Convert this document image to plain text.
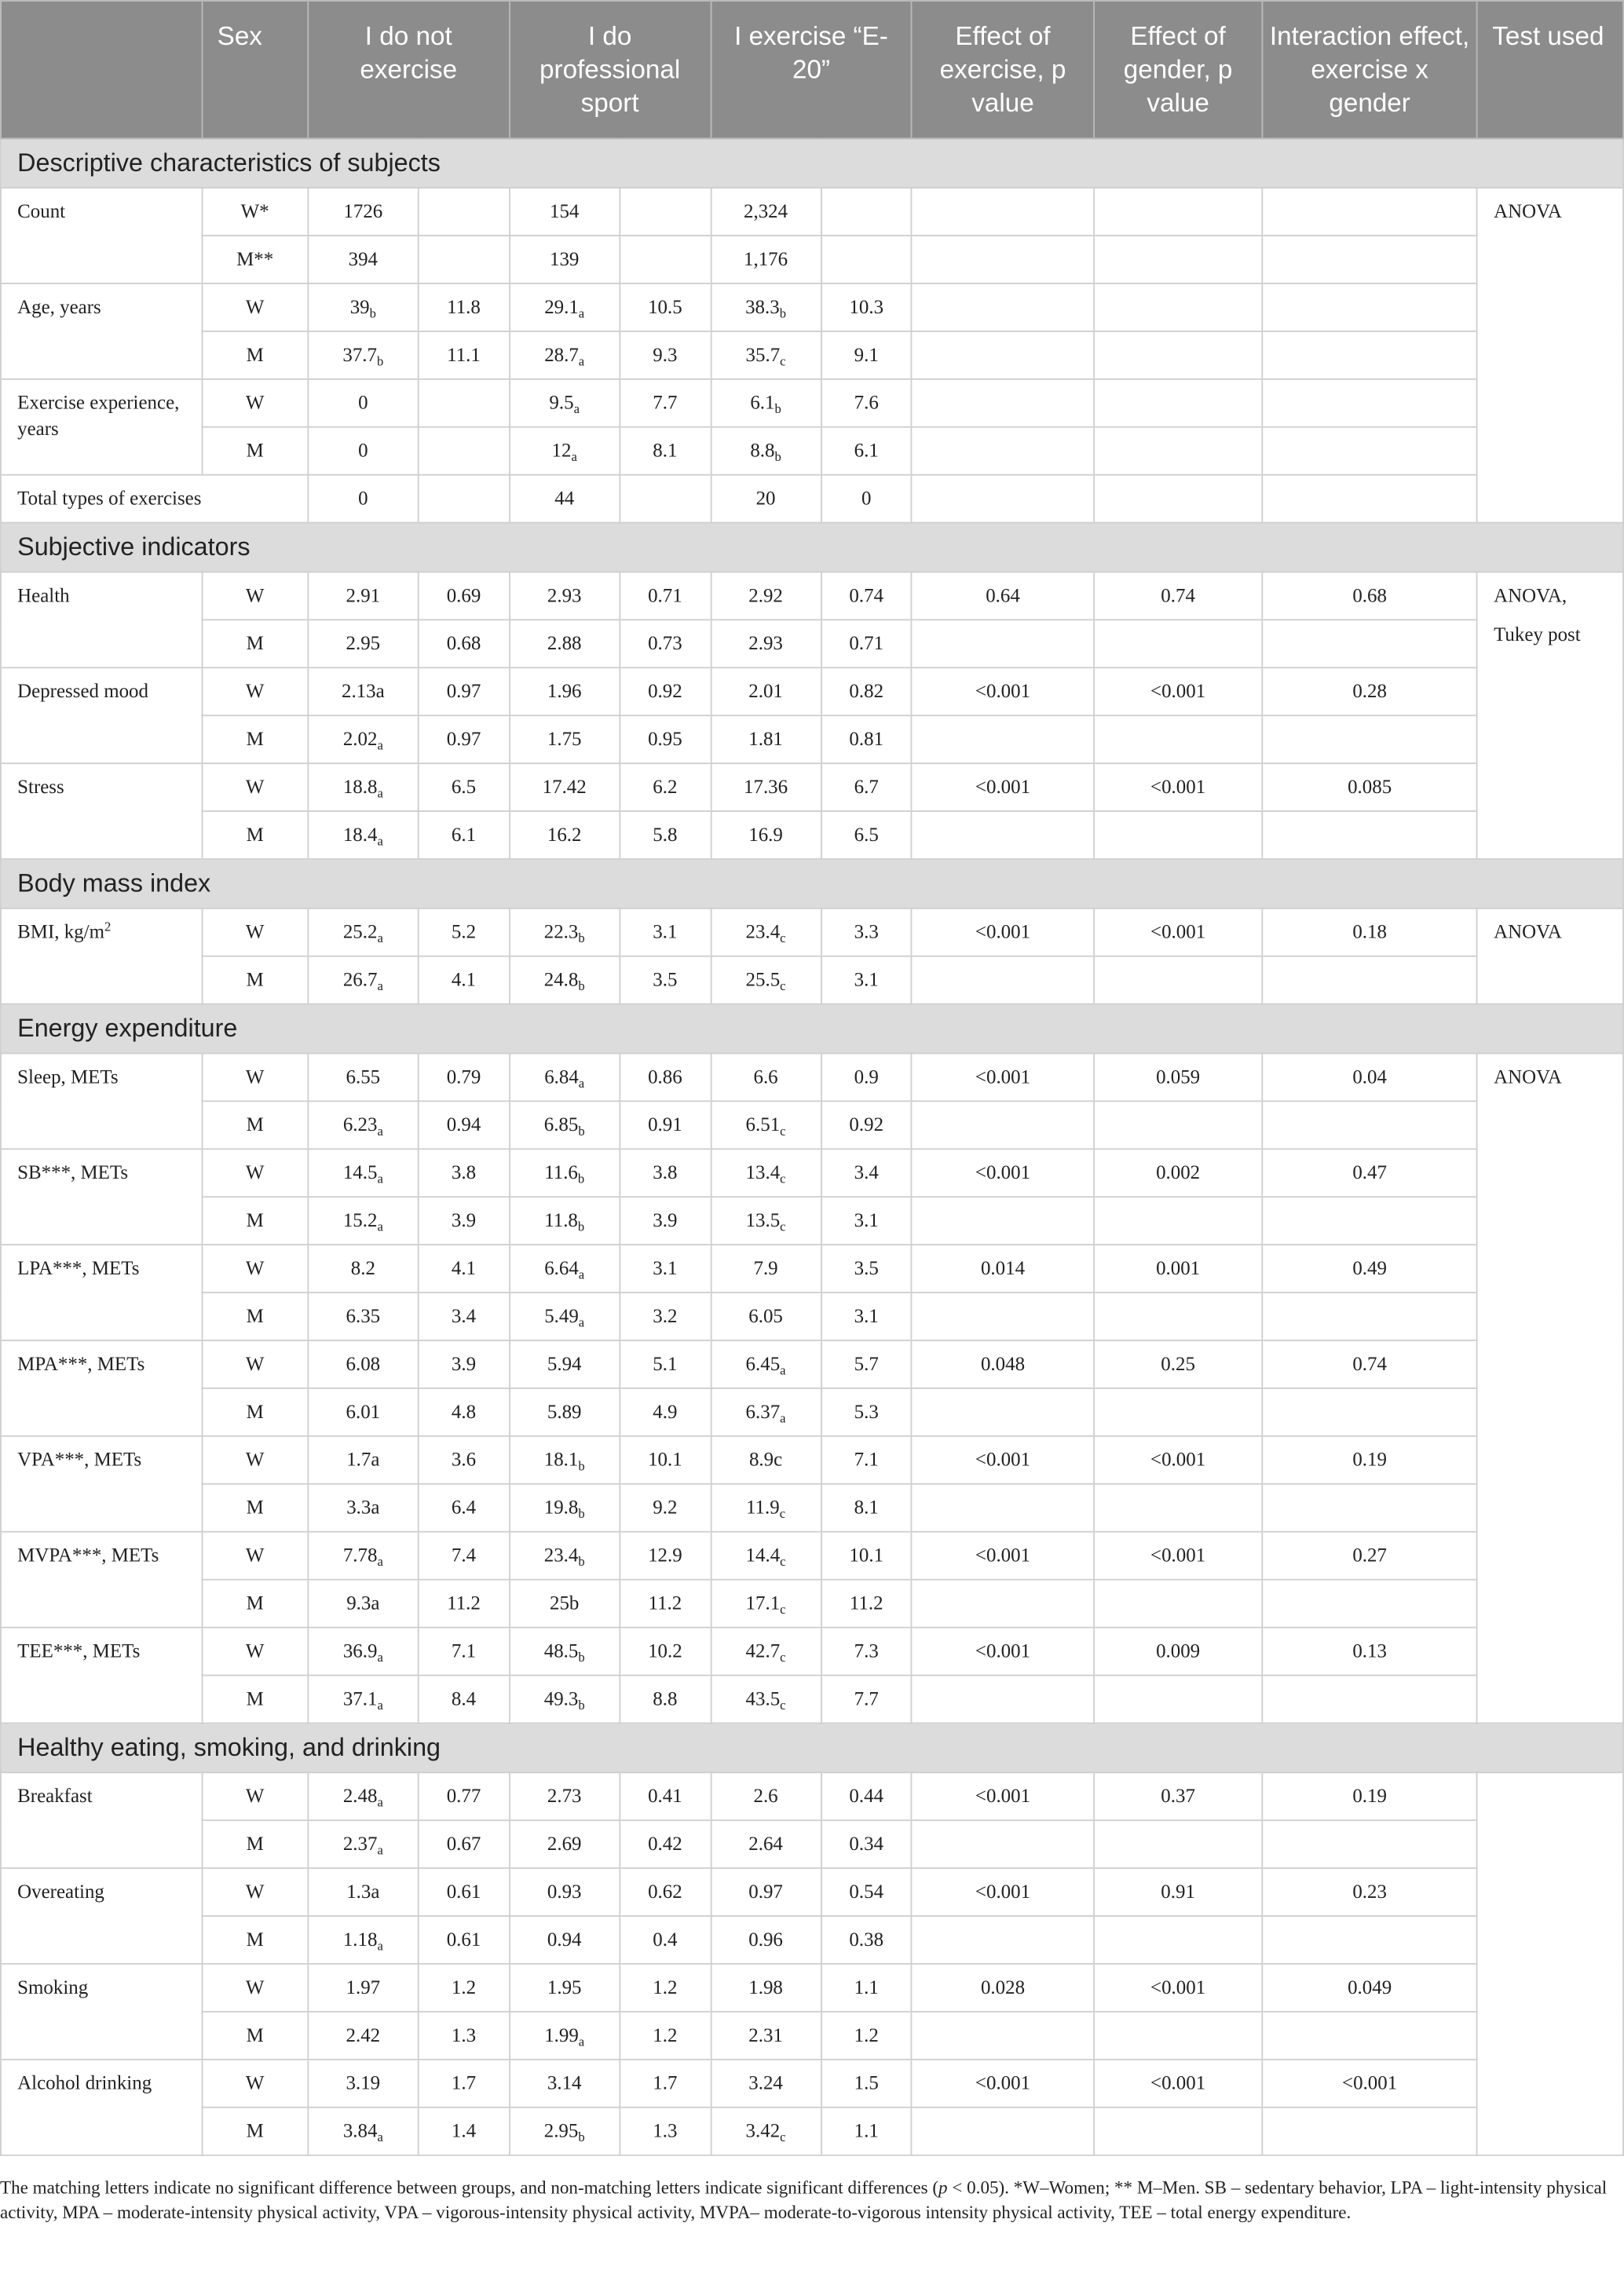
	Sex	I do not exercise		I do professional sport		I exercise “E-20”		Effect of exercise, p value	Effect of gender, p value	Interaction effect, exercise x gender	Test used
Descriptive characteristics of subjects											
Count	W*	1726		154		2,324					ANOVA
	M**	394		139		1,176					
Age, years	W	$39_b$	11.8	$29.1_a$	10.5	$38.3_b$	10.3				
	M	$37.7_b$	11.1	$28.7_a$	9.3	$35.7_c$	9.1				
Exercise experience, years	W	0		$9.5_a$	7.7	$6.1_b$	7.6				
	M	0		$12_a$	8.1	$8.8_b$	6.1				
Total types of exercises		0		44		20	0				
Subjective indicators											
Health	W	2.91	0.69	2.93	0.71	2.92	0.74	0.64	0.74	0.68	ANOVA, Tukey post
	M	2.95	0.68	2.88	0.73	2.93	0.71				
Depressed mood	W	2.13a	0.97	1.96	0.92	2.01	0.82	<0.001	<0.001	0.28	
	M	$2.02_a$	0.97	1.75	0.95	1.81	0.81				
Stress	W	$18.8_a$	6.5	17.42	6.2	17.36	6.7	<0.001	<0.001	0.085	
	M	$18.4_a$	6.1	16.2	5.8	16.9	6.5				
Body mass index											
BMI, $kg/m^2$	W	$25.2_a$	5.2	$22.3_b$	3.1	$23.4_c$	3.3	<0.001	<0.001	0.18	ANOVA
	M	$26.7_a$	4.1	$24.8_b$	3.5	$25.5_c$	3.1				
Energy expenditure											
Sleep, METs	W	6.55	0.79	$6.84_a$	0.86	6.6	0.9	<0.001	0.059	0.04	ANOVA
	M	$6.23_a$	0.94	$6.85_b$	0.91	$6.51_c$	0.92				
SB***, METs	W	$14.5_a$	3.8	$11.6_b$	3.8	$13.4_c$	3.4	<0.001	0.002	0.47	
	M	$15.2_a$	3.9	$11.8_b$	3.9	$13.5_c$	3.1				
LPA***, METs	W	8.2	4.1	$6.64_a$	3.1	7.9	3.5	0.014	0.001	0.49	
	M	6.35	3.4	$5.49_a$	3.2	6.05	3.1				
MPA***, METs	W	6.08	3.9	5.94	5.1	$6.45_a$	5.7	0.048	0.25	0.74	
	M	6.01	4.8	5.89	4.9	$6.37_a$	5.3				
VPA***, METs	W	1.7a	3.6	$18.1_b$	10.1	8.9c	7.1	<0.001	<0.001	0.19	
	M	3.3a	6.4	$19.8_b$	9.2	$11.9_c$	8.1				
MVPA***, METs	W	$7.78_a$	7.4	$23.4_b$	12.9	$14.4_c$	10.1	<0.001	<0.001	0.27	
	M	9.3a	11.2	25b	11.2	$17.1_c$	11.2				
TEE***, METs	W	$36.9_a$	7.1	$48.5_b$	10.2	$42.7_c$	7.3	<0.001	0.009	0.13	
	M	$37.1_a$	8.4	$49.3_b$	8.8	$43.5_c$	7.7				
Healthy eating, smoking, and drinking											
Breakfast	W	$2.48_a$	0.77	2.73	0.41	2.6	0.44	<0.001	0.37	0.19	
	M	$2.37_a$	0.67	2.69	0.42	2.64	0.34				
Overeating	W	1.3a	0.61	0.93	0.62	0.97	0.54	<0.001	0.91	0.23	
	M	$1.18_a$	0.61	0.94	0.4	0.96	0.38				
Smoking	W	1.97	1.2	1.95	1.2	1.98	1.1	0.028	<0.001	0.049	
	M	2.42	1.3	$1.99_a$	1.2	2.31	1.2				
Alcohol drinking	W	3.19	1.7	3.14	1.7	3.24	1.5	<0.001	<0.001	<0.001	
	M	$3.84_a$	1.4	$2.95_b$	1.3	$3.42_c$	1.1				
The matching letters indicate no significant difference between groups, and non-matching letters indicate significant differences (p < 0.05). *W–Women; ** M–Men. SB – sedentary behavior, LPA – light-intensity physical activity, MPA – moderate-intensity physical activity, VPA – vigorous-intensity physical activity, MVPA– moderate-to-vigorous intensity physical activity, TEE – total energy expenditure.
